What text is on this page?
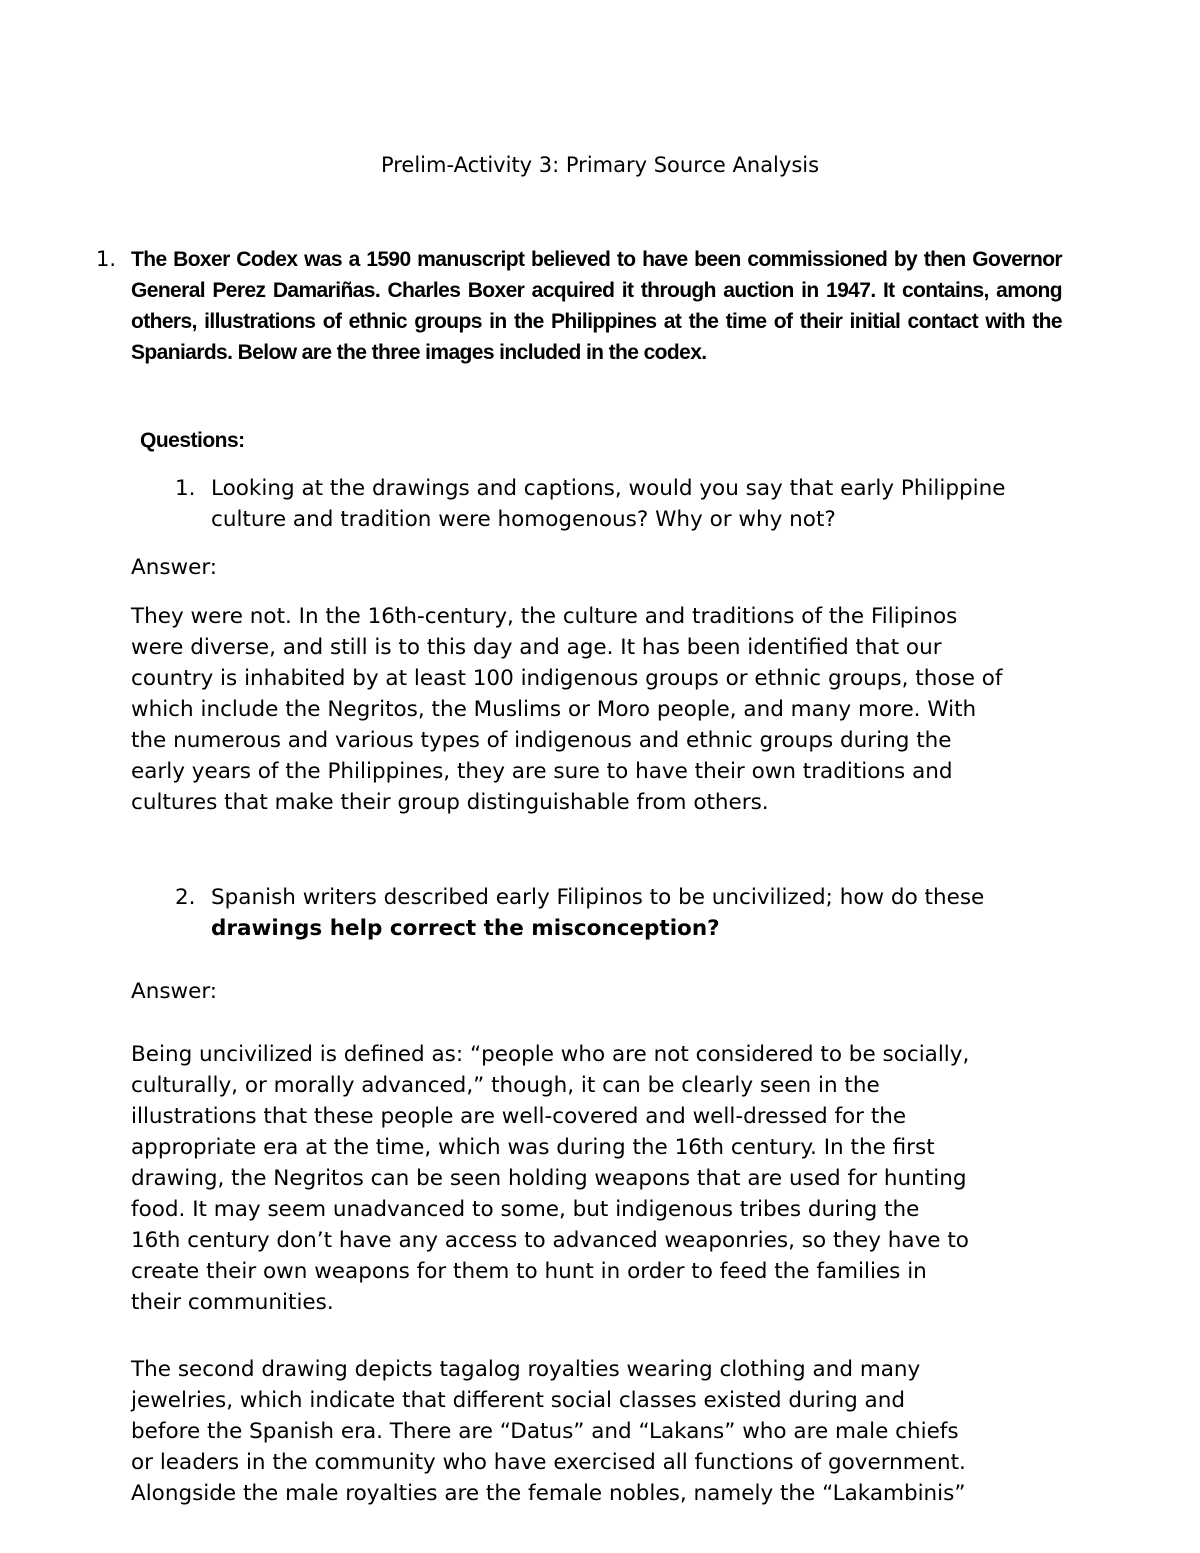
Prelim-Activity 3: Primary Source Analysis
1. The Boxer Codex was a 1590 manuscript believed to have been commissioned by then Governor General Perez Damariñas. Charles Boxer acquired it through auction in 1947. It contains, among others, illustrations of ethnic groups in the Philippines at the time of their initial contact with the Spaniards. Below are the three images included in the codex.
Questions:
1. Looking at the drawings and captions, would you say that early Philippine culture and tradition were homogenous? Why or why not?
Answer:
They were not. In the 16th-century, the culture and traditions of the Filipinos
were diverse, and still is to this day and age. It has been identified that our
country is inhabited by at least 100 indigenous groups or ethnic groups, those of
which include the Negritos, the Muslims or Moro people, and many more. With
the numerous and various types of indigenous and ethnic groups during the
early years of the Philippines, they are sure to have their own traditions and
cultures that make their group distinguishable from others.
2. Spanish writers described early Filipinos to be uncivilized; how do these drawings help correct the misconception?
Answer:
Being uncivilized is defined as: “people who are not considered to be socially,
culturally, or morally advanced,” though, it can be clearly seen in the
illustrations that these people are well-covered and well-dressed for the
appropriate era at the time, which was during the 16th century. In the first
drawing, the Negritos can be seen holding weapons that are used for hunting
food. It may seem unadvanced to some, but indigenous tribes during the
16th century don’t have any access to advanced weaponries, so they have to
create their own weapons for them to hunt in order to feed the families in
their communities.
The second drawing depicts tagalog royalties wearing clothing and many
jewelries, which indicate that different social classes existed during and
before the Spanish era. There are “Datus” and “Lakans” who are male chiefs
or leaders in the community who have exercised all functions of government.
Alongside the male royalties are the female nobles, namely the “Lakambinis”
